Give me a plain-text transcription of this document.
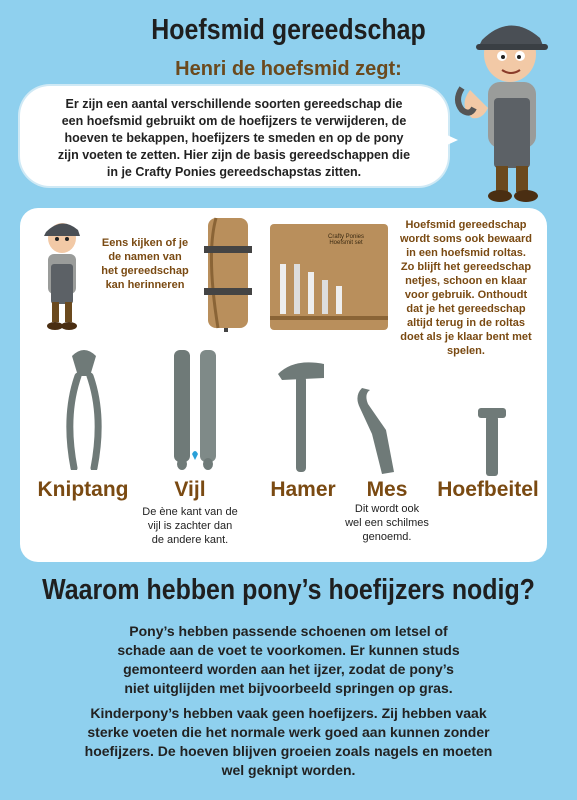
Hoefsmid gereedschap
Henri de hoefsmid zegt:
Er zijn een aantal verschillende soorten gereedschap die
een hoefsmid gebruikt om de hoefijzers te verwijderen, de
hoeven te bekappen, hoefijzers te smeden en op de pony
zijn voeten te zetten. Hier zijn de basis gereedschappen die
in je Crafty Ponies gereedschapstas zitten.
Eens kijken of je
de namen van
het gereedschap
kan herinneren
Crafty Ponies
Hoefsmit set
Hoefsmid gereedschap
wordt soms ook bewaard
in een hoefsmid roltas.
Zo blijft het gereedschap
netjes, schoon en klaar
voor gebruik. Onthoudt
dat je het gereedschap
altijd terug in de roltas
doet als je klaar bent met
spelen.
Kniptang	Vijl	Hamer	Mes	Hoefbeitel
De ène kant van de
vijl is zachter dan
de andere kant.
Dit wordt ook
wel een schilmes
genoemd.
Waarom hebben pony’s hoefijzers nodig?
Pony’s hebben passende schoenen om letsel of
schade aan de voet te voorkomen. Er kunnen studs
gemonteerd worden aan het ijzer, zodat de pony’s
niet uitglijden met bijvoorbeeld springen op gras.
Kinderpony’s hebben vaak geen hoefijzers. Zij hebben vaak
sterke voeten die het normale werk goed aan kunnen zonder
hoefijzers. De hoeven blijven groeien zoals nagels en moeten
wel geknipt worden.
